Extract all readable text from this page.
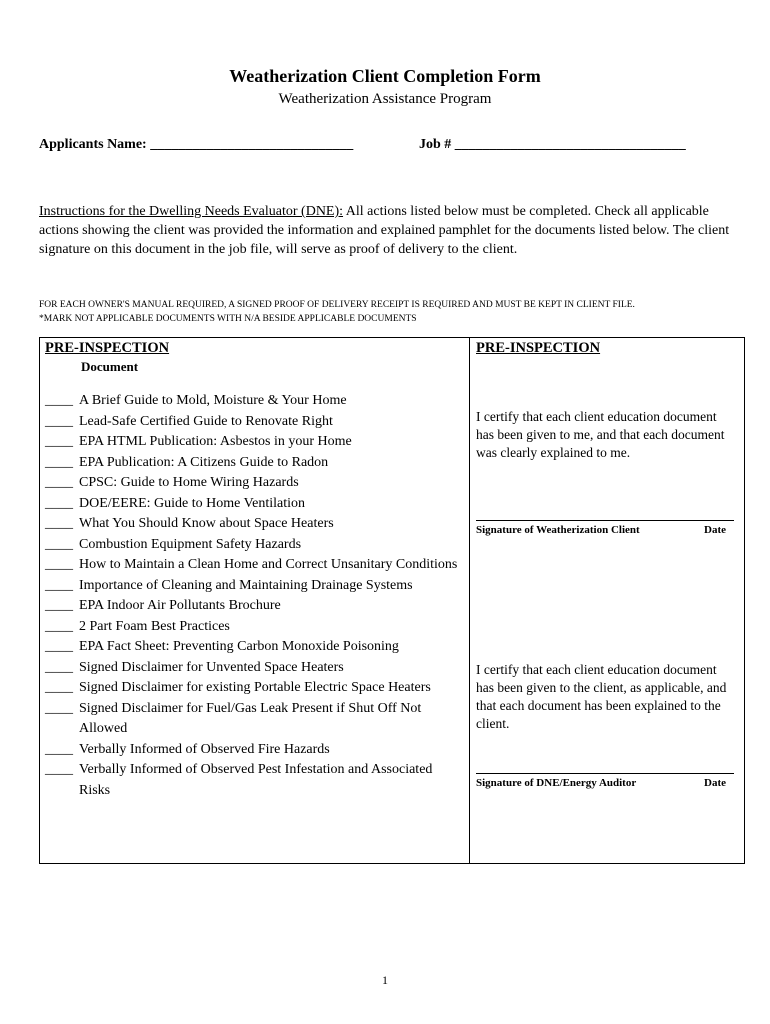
Weatherization Client Completion Form
Weatherization Assistance Program
Applicants Name: _____________________________	Job # _________________________________
Instructions for the Dwelling Needs Evaluator (DNE): All actions listed below must be completed. Check all applicable actions showing the client was provided the information and explained pamphlet for the documents listed below. The client signature on this document in the job file, will serve as proof of delivery to the client.
FOR EACH OWNER'S MANUAL REQUIRED, A SIGNED PROOF OF DELIVERY RECEIPT IS REQUIRED AND MUST BE KEPT IN CLIENT FILE.
*MARK NOT APPLICABLE DOCUMENTS WITH N/A BESIDE APPLICABLE DOCUMENTS
PRE-INSPECTION
Document
____ A Brief Guide to Mold, Moisture & Your Home
____ Lead-Safe Certified Guide to Renovate Right
____ EPA HTML Publication: Asbestos in your Home
____ EPA Publication: A Citizens Guide to Radon
____ CPSC: Guide to Home Wiring Hazards
____ DOE/EERE: Guide to Home Ventilation
____ What You Should Know about Space Heaters
____ Combustion Equipment Safety Hazards
____ How to Maintain a Clean Home and Correct Unsanitary Conditions
____ Importance of Cleaning and Maintaining Drainage Systems
____ EPA Indoor Air Pollutants Brochure
____ 2 Part Foam Best Practices
____ EPA Fact Sheet: Preventing Carbon Monoxide Poisoning
____ Signed Disclaimer for Unvented Space Heaters
____ Signed Disclaimer for existing Portable Electric Space Heaters
____ Signed Disclaimer for Fuel/Gas Leak Present if Shut Off Not Allowed
____ Verbally Informed of Observed Fire Hazards
____ Verbally Informed of Observed Pest Infestation and Associated Risks
PRE-INSPECTION
I certify that each client education document has been given to me, and that each document was clearly explained to me.
Signature of Weatherization Client	Date
I certify that each client education document has been given to the client, as applicable, and that each document has been explained to the client.
Signature of DNE/Energy Auditor	Date
1
